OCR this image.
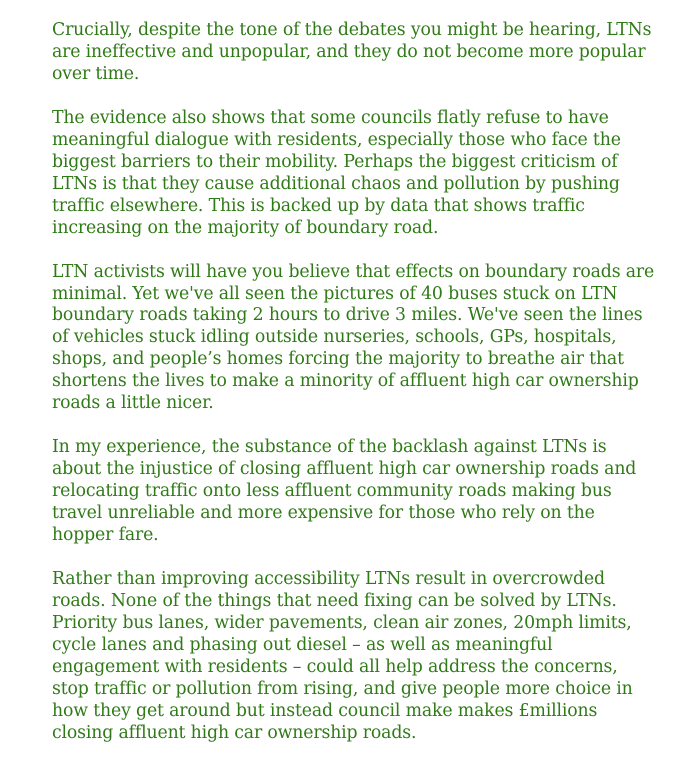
Crucially, despite the tone of the debates you might be hearing, LTNs
are ineffective and unpopular, and they do not become more popular
over time.

The evidence also shows that some councils flatly refuse to have
meaningful dialogue with residents, especially those who face the
biggest barriers to their mobility. Perhaps the biggest criticism of
LTNs is that they cause additional chaos and pollution by pushing
traffic elsewhere. This is backed up by data that shows traffic
increasing on the majority of boundary road.

LTN activists will have you believe that effects on boundary roads are
minimal. Yet we've all seen the pictures of 40 buses stuck on LTN
boundary roads taking 2 hours to drive 3 miles. We've seen the lines
of vehicles stuck idling outside nurseries, schools, GPs, hospitals,
shops, and people’s homes forcing the majority to breathe air that
shortens the lives to make a minority of affluent high car ownership
roads a little nicer.

In my experience, the substance of the backlash against LTNs is
about the injustice of closing affluent high car ownership roads and
relocating traffic onto less affluent community roads making bus
travel unreliable and more expensive for those who rely on the
hopper fare.

Rather than improving accessibility LTNs result in overcrowded
roads. None of the things that need fixing can be solved by LTNs.
Priority bus lanes, wider pavements, clean air zones, 20mph limits,
cycle lanes and phasing out diesel – as well as meaningful
engagement with residents – could all help address the concerns,
stop traffic or pollution from rising, and give people more choice in
how they get around but instead council make makes £millions
closing affluent high car ownership roads.
